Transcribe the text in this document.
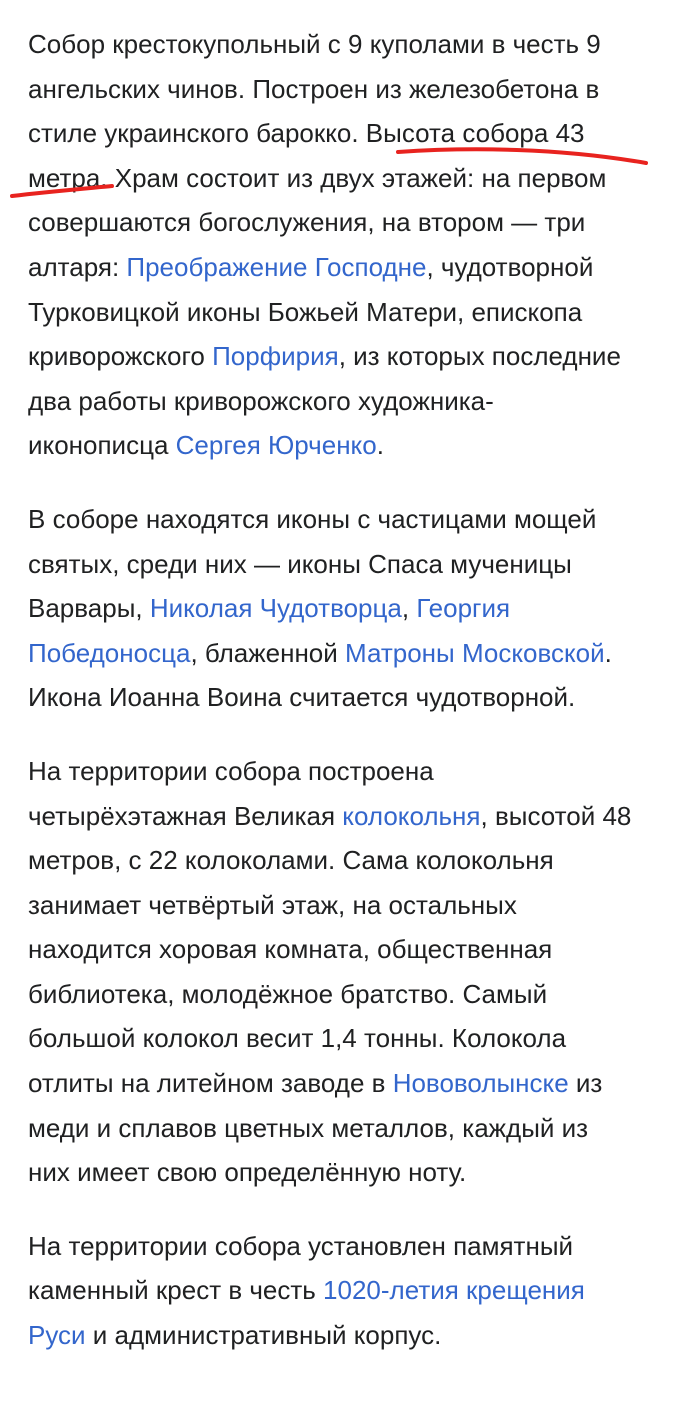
Собор крестокупольный с 9 куполами в честь 9
ангельских чинов. Построен из железобетона в
стиле украинского барокко. Высота собора 43
метра. Храм состоит из двух этажей: на первом
совершаются богослужения, на втором — три
алтаря: Преображение Господне, чудотворной
Турковицкой иконы Божьей Матери, епископа
криворожского Порфирия, из которых последние
два работы криворожского художника-
иконописца Сергея Юрченко.

В соборе находятся иконы с частицами мощей
святых, среди них — иконы Спаса мученицы
Варвары, Николая Чудотворца, Георгия
Победоносца, блаженной Матроны Московской.
Икона Иоанна Воина считается чудотворной.

На территории собора построена
четырёхэтажная Великая колокольня, высотой 48
метров, с 22 колоколами. Сама колокольня
занимает четвёртый этаж, на остальных
находится хоровая комната, общественная
библиотека, молодёжное братство. Самый
большой колокол весит 1,4 тонны. Колокола
отлиты на литейном заводе в Нововолынске из
меди и сплавов цветных металлов, каждый из
них имеет свою определённую ноту.

На территории собора установлен памятный
каменный крест в честь 1020-летия крещения
Руси и административный корпус.
